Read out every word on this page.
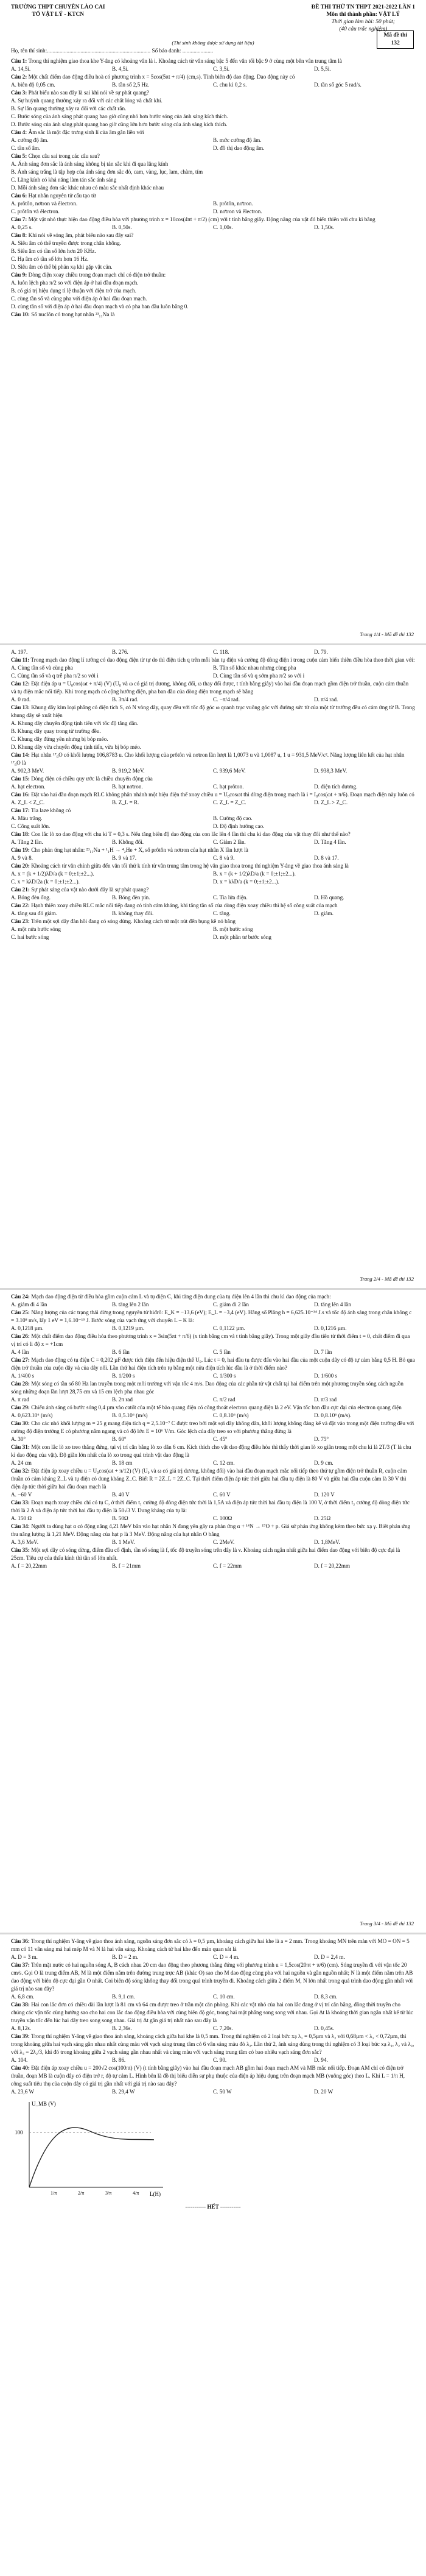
TRƯỜNG THPT CHUYÊN LÀO CAI
TỔ VẬT LÝ - KTCN
ĐỀ THI THỬ TN THPT 2021-2022 LẦN 1
Môn thi thành phần: VẬT LÝ
Thời gian làm bài: 50 phút;
(40 câu trắc nghiệm)
Mã đề thi
132
(Thí sinh không được sử dụng tài liệu)
Họ, tên thí sinh:.......................................................................... Số báo danh: ......................
Câu 1: Trong thí nghiệm giao thoa khe Y-âng có khoảng vân là i. Khoảng cách từ vân sáng bậc 5 đến vân tối bậc 9 ở cùng một bên vân trung tâm là
A. 14,5i.	B. 4,5i.	C. 3,5i.	D. 5,5i.
Câu 2: Một chất điểm dao động điều hoà có phương trình x = 5cos(5πt + π/4) (cm,s). Tính biên độ dao động. Dao động này có
A. biên độ 0,05 cm.	B. tần số 2,5 Hz.	C. chu kì 0,2 s.	D. tần số góc 5 rad/s.
Câu 3: Phát biểu nào sau đây là sai khi nói về sự phát quang?
A. Sự huỳnh quang thường xảy ra đối với các chất lỏng và chất khí.
B. Sự lân quang thường xảy ra đối với các chất rắn.
C. Bước sóng của ánh sáng phát quang bao giờ cũng nhỏ hơn bước sóng của ánh sáng kích thích.
D. Bước sóng của ánh sáng phát quang bao giờ cũng lớn hơn bước sóng của ánh sáng kích thích.
Câu 4: Âm sắc là một đặc trưng sinh lí của âm gắn liền với
A. cường độ âm.	B. mức cường độ âm.
C. tần số âm.	D. đồ thị dao động âm.
Câu 5: Chọn câu sai trong các câu sau?
A. Ánh sáng đơn sắc là ánh sáng không bị tán sắc khi đi qua lăng kính
B. Ánh sáng trắng là tập hợp của ánh sáng đơn sắc đỏ, cam, vàng, lục, lam, chàm, tím
C. Lăng kính có khả năng làm tán sắc ánh sáng
D. Mỗi ánh sáng đơn sắc khác nhau có màu sắc nhất định khác nhau
Câu 6: Hạt nhân nguyên tử cấu tạo từ
A. prôtôn, nơtron và êlectron.	B. prôtôn, nơtron.
C. prôtôn và êlectron.	D. nơtron và êlectron.
Câu 7: Một vật nhỏ thực hiện dao động điều hòa với phương trình x = 10cos(4πt + π/2) (cm) với t tính bằng giây. Động năng của vật đó biến thiên với chu kì bằng
A. 0,25 s.	B. 0,50s.	C. 1,00s.	D. 1,50s.
Câu 8: Khi nói về sóng âm, phát biểu nào sau đây sai?
A. Siêu âm có thể truyền được trong chân không.
B. Siêu âm có tần số lớn hơn 20 KHz.
C. Hạ âm có tần số lớn hơn 16 Hz.
D. Siêu âm có thể bị phản xạ khi gặp vật cản.
Câu 9: Dòng điện xoay chiều trong đoạn mạch chỉ có điện trở thuần:
A. luôn lệch pha π/2 so với điện áp ở hai đầu đoạn mạch.
B. có giá trị hiệu dụng tỉ lệ thuận với điện trở của mạch.
C. cùng tần số và cùng pha với điện áp ở hai đầu đoạn mạch.
D. cùng tần số với điện áp ở hai đầu đoạn mạch và có pha ban đầu luôn bằng 0.
Câu 10: Số nuclôn có trong hạt nhân ²³₁₁Na là
Trang 1/4 - Mã đề thi 132
A. 197.	B. 276.	C. 118.	D. 79.
Câu 11: Trong mạch dao động lí tưởng có dao động điện từ tự do thì điện tích q trên mỗi bản tụ điện và cường độ dòng điện i trong cuộn cảm biến thiên điều hòa theo thời gian với:
A. Cùng tần số và cùng pha	B. Tần số khác nhau nhưng cùng pha
C. Cùng tần số và q trễ pha π/2 so với i	D. Cùng tần số và q sớm pha π/2 so với i
Câu 12: Đặt điện áp u = U₀cos(ωt + π/4) (V) (U₀ và ω có giá trị dương, không đổi, ω thay đổi được, t tính bằng giây) vào hai đầu đoạn mạch gồm điện trở thuần, cuộn cảm thuần và tụ điện mắc nối tiếp. Khi trong mạch có cộng hưởng điện, pha ban đầu của dòng điện trong mạch sẽ bằng
A. 0 rad.	B. 3π/4 rad.	C. −π/4 rad.	D. π/4 rad.
Câu 13: Khung dây kim loại phẳng có diện tích S, có N vòng dây, quay đều với tốc độ góc ω quanh trục vuông góc với đường sức từ của một từ trường đều có cảm ứng từ B. Trong khung dây sẽ xuất hiện
A. Khung dây chuyển động tịnh tiến với tốc độ tăng dần.
B. Khung dây quay trong từ trường đều.
C. Khung dây đứng yên nhưng bị bóp méo.
D. Khung dây vừa chuyển động tịnh tiến, vừa bị bóp méo.
Câu 14: Hạt nhân ¹⁷₈O có khối lượng 106,8783 u. Cho khối lượng của prôtôn và nơtron lần lượt là 1,0073 u và 1,0087 u, 1 u = 931,5 MeV/c². Năng lượng liên kết của hạt nhân ¹⁷₈O là
A. 902,3 MeV.	B. 919,2 MeV.	C. 939,6 MeV.	D. 938,3 MeV.
Câu 15: Dòng điện có chiều quy ước là chiều chuyển động của
A. hạt electron.	B. hạt nơtron.	C. hạt prôton.	D. điện tích dương.
Câu 16: Đặt vào hai đầu đoạn mạch RLC không phân nhánh một hiệu điện thế xoay chiều u = U₀cosωt thì dòng điện trong mạch là i = I₀cos(ωt + π/6). Đoạn mạch điện này luôn có
A. Z_L < Z_C.	B. Z_L = R.	C. Z_L = Z_C.	D. Z_L > Z_C.
Câu 17: Tia laze không có
A. Màu trắng.	B. Cường độ cao.
C. Công suất lớn.	D. Độ định hướng cao.
Câu 18: Con lắc lò xo dao động với chu kì T = 0,3 s. Nếu tăng biên độ dao động của con lắc lên 4 lần thì chu kì dao động của vật thay đổi như thế nào?
A. Tăng 2 lần.	B. Không đổi.	C. Giảm 2 lần.	D. Tăng 4 lần.
Câu 19: Cho phản ứng hạt nhân: ²³₁₁Na + ¹₁H → ⁴₂He + X, số prôtôn và nơtron của hạt nhân X lần lượt là
A. 9 và 8.	B. 9 và 17.	C. 8 và 9.	D. 8 và 17.
Câu 20: Khoảng cách từ vân chính giữa đến vân tối thứ k tính từ vân trung tâm trong hệ vân giao thoa trong thí nghiệm Y-âng về giao thoa ánh sáng là
A. x = (k + 1/2)λD/a (k = 0;±1;±2...).	B. x = (k + 1/2)λD/a (k = 0;±1;±2...).
C. x = kλD/2a (k = 0;±1;±2...).	D. x = kλD/a (k = 0;±1;±2...).
Câu 21: Sự phát sáng của vật nào dưới đây là sự phát quang?
A. Bóng đèn ống.	B. Bóng đèn pin.	C. Tia lửa điện.	D. Hồ quang.
Câu 22: Hạnh thiên xoay chiều RLC mắc nối tiếp đang có tính cảm kháng, khi tăng tần số của dòng điện xoay chiều thì hệ số công suất của mạch
A. tăng sau đó giảm.	B. không thay đổi.	C. tăng.	D. giảm.
Câu 23: Trên một sợi dây đàn hồi đang có sóng dừng. Khoảng cách từ một nút đến bụng kề nó bằng
A. một nửa bước sóng	B. một bước sóng
C. hai bước sóng	D. một phần tư bước sóng
Trang 2/4 - Mã đề thi 132
Câu 24: Mạch dao động điện từ điều hòa gồm cuộn cảm L và tụ điện C, khi tăng điện dung của tụ điện lên 4 lần thì chu kì dao động của mạch:
A. giảm đi 4 lần	B. tăng lên 2 lần	C. giảm đi 2 lần	D. tăng lên 4 lần
Câu 25: Năng lượng của các trạng thái dừng trong nguyên tử hiđrô: E_K = −13,6 (eV); E_L = −3,4 (eV). Hằng số Plăng h = 6,625.10⁻³⁴ J.s và tốc độ ánh sáng trong chân không c = 3.10⁸ m/s, lấy 1 eV = 1,6.10⁻¹⁹ J. Bước sóng của vạch ứng với chuyển L – K là:
A. 0,1218 µm.	B. 0,1219 µm.	C. 0,1122 µm.	D. 0,1216 µm.
Câu 26: Một chất điểm dao động điều hòa theo phương trình x = 3sin(5πt + π/6) (x tính bằng cm và t tính bằng giây). Trong một giây đầu tiên từ thời điểm t = 0, chất điểm đi qua vị trí có li độ x = +1cm
A. 4 lần	B. 6 lần	C. 5 lần	D. 7 lần
Câu 27: Mạch dao động có tụ điện C = 0,202 µF được tích điện đến hiệu điện thế U₀. Lúc t = 0, hai đầu tụ được đấu vào hai đầu của một cuộn dây có độ tự cảm bằng 0,5 H. Bỏ qua điện trở thuần của cuộn dây và của dây nối. Lần thứ hai điện tích trên tụ bằng một nửa điện tích lúc đầu là ở thời điểm nào?
A. 1/400 s	B. 1/200 s	C. 1/300 s	D. 1/600 s
Câu 28: Một sóng có tần số 80 Hz lan truyền trong một môi trường với vận tốc 4 m/s. Dao động của các phần tử vật chất tại hai điểm trên một phương truyền sóng cách nguồn sóng những đoạn lần lượt 28,75 cm và 15 cm lệch pha nhau góc
A. π rad	B. 2π rad	C. π/2 rad	D. π/3 rad
Câu 29: Chiếu ánh sáng có bước sóng 0,4 µm vào catốt của một tế bào quang điện có công thoát electron quang điện là 2 eV. Vận tốc ban đầu cực đại của electron quang điện
A. 0,623.10⁶ (m/s)	B. 0,5.10⁶ (m/s)	C. 0,8.10⁶ (m/s)	D. 0,8.10⁶ (m/s).
Câu 30: Cho các nhỏ khối lượng m = 25 g mang điện tích q = 2,5.10⁻⁷ C được treo bởi một sợi dây không dãn, khối lượng không đáng kể và đặt vào trong một điện trường đều với cường độ điện trường E có phương nằm ngang và có độ lớn E = 10⁶ V/m. Góc lệch của dây treo so với phương thẳng đứng là
A. 30°	B. 60°	C. 45°	D. 75°
Câu 31: Một con lắc lò xo treo thẳng đứng, tại vị trí cân bằng lò xo dãn 6 cm. Kích thích cho vật dao động điều hòa thì thấy thời gian lò xo giãn trong một chu kì là 2T/3 (T là chu kì dao động của vật). Độ giãn lớn nhất của lò xo trong quá trình vật dao động là
A. 24 cm	B. 18 cm	C. 12 cm.	D. 9 cm.
Câu 32: Đặt điện áp xoay chiều u = U₀cos(ωt + π/12) (V) (U₀ và ω có giá trị dương, không đổi) vào hai đầu đoạn mạch mắc nối tiếp theo thứ tự gồm điện trở thuần R, cuộn cảm thuần có cảm kháng Z_L và tụ điện có dung kháng Z_C. Biết R = 2Z_L = 2Z_C. Tại thời điểm điện áp tức thời giữa hai đầu tụ điện là 80 V và giữa hai đầu cuộn cảm là 30 V thì điện áp tức thời giữa hai đầu đoạn mạch là
A. −60 V	B. 40 V	C. 60 V	D. 120 V
Câu 33: Đoạn mạch xoay chiều chỉ có tụ C, ở thời điểm t₁ cường độ dòng điện tức thời là 1,5A và điện áp tức thời hai đầu tụ điện là 100 V, ở thời điểm t₂ cường độ dòng điện tức thời là 2 A và điện áp tức thời hai đầu tụ điện là 50√3 V. Dung kháng của tụ là:
A. 150 Ω	B. 50Ω	C. 100Ω	D. 25Ω
Câu 34: Người ta dùng hạt α có động năng 4,21 MeV bắn vào hạt nhân N đang yên gây ra phản ứng α + ¹⁴N → ¹⁷O + p. Giả sử phản ứng không kèm theo bức xạ γ. Biết phản ứng thu năng lượng là 1,21 MeV. Động năng của hạt p là 3 MeV. Động năng của hạt nhân O bằng
A. 3,6 MeV.	B. 1 MeV.	C. 2MeV.	D. 1,8MeV.
Câu 35: Một sợi dây có sóng dừng, điểm đầu cố định, tần số sóng là f, tốc độ truyền sóng trên dây là v. Khoảng cách ngắn nhất giữa hai điểm dao động với biên độ cực đại là 25cm. Tiêu cự của thấu kính thì tần số lớn nhất.
A. f = 20,22mm	B. f = 21mm	C. f = 22mm	D. f = 20,22mm
Trang 3/4 - Mã đề thi 132
Câu 36: Trong thí nghiệm Y-âng về giao thoa ánh sáng, nguồn sáng đơn sắc có λ = 0,5 µm, khoảng cách giữa hai khe là a = 2 mm. Trong khoảng MN trên màn với MO = ON = 5 mm có 11 vân sáng mà hai mép M và N là hai vân sáng. Khoảng cách từ hai khe đến màn quan sát là
A. D = 3 m.	B. D = 2 m.	C. D = 4 m.	D. D = 2,4 m.
Câu 37: Trên mặt nước có hai nguồn sóng A, B cách nhau 20 cm dao động theo phương thẳng đứng với phương trình u = 1,5cos(20πt + π/6) (cm). Sóng truyền đi với vận tốc 20 cm/s. Gọi O là trung điểm AB, M là một điểm nằm trên đường trung trực AB (khác O) sao cho M dao động cùng pha với hai nguồn và gần nguồn nhất; N là một điểm nằm trên AB dao động với biên độ cực đại gần O nhất. Coi biên độ sóng không thay đổi trong quá trình truyền đi. Khoảng cách giữa 2 điểm M, N lớn nhất trong quá trình dao động gần nhất với giá trị nào sau đây?
A. 6,8 cm.	B. 9,1 cm.	C. 10 cm.	D. 8,3 cm.
Câu 38: Hai con lắc đơn có chiều dài lần lượt là 81 cm và 64 cm được treo ở trần một căn phòng. Khi các vật nhỏ của hai con lắc đang ở vị trí cân bằng, đồng thời truyền cho chúng các vận tốc cùng hướng sao cho hai con lắc dao động điều hòa với cùng biên độ góc, trong hai mặt phẳng song song với nhau. Gọi Δt là khoảng thời gian ngắn nhất kể từ lúc truyền vận tốc đến lúc hai dây treo song song nhau. Giá trị Δt gần giá trị nhất nào sau đây là
A. 8,12s.	B. 2,36s.	C. 7,20s.	D. 0,45s.
Câu 39: Trong thí nghiệm Y-âng về giao thoa ánh sáng, khoảng cách giữa hai khe là 0,5 mm. Trong thí nghiệm có 2 loại bức xạ λ₁ = 0,5µm và λ₂ với 0,68µm < λ₂ < 0,72µm, thì trong khoảng giữa hai vạch sáng gần nhau nhất cùng màu với vạch sáng trung tâm có 6 vân sáng màu đỏ λ₂. Lần thứ 2, ánh sáng dùng trong thí nghiệm có 3 loại bức xạ λ₁, λ₂ và λ₃, với λ₃ = 2λ₂/3, khi đó trong khoảng giữa 2 vạch sáng gần nhau nhất và cùng màu với vạch sáng trung tâm có bao nhiêu vạch sáng đơn sắc?
A. 104.	B. 86.	C. 90.	D. 94.
Câu 40: Đặt điện áp xoay chiều u = 200√2 cos(100πt) (V) (t tính bằng giây) vào hai đầu đoạn mạch AB gồm hai đoạn mạch AM và MB mắc nối tiếp. Đoạn AM chỉ có điện trở thuần, đoạn MB là cuộn dây có điện trở r, độ tự cảm L. Hình bên là đồ thị biểu diễn sự phụ thuộc của điện áp hiệu dụng trên đoạn mạch MB (vuông góc) theo L. Khi L = 1/π H, công suất tiêu thụ của cuộn dây có giá trị gần nhất với giá trị nào sau đây?
A. 23,6 W	B. 29,4 W	C. 50 W	D. 20 W
U_MB (V)
L(H)
100
1/π	2/π	3/π	4/π
----------- HẾT -----------
